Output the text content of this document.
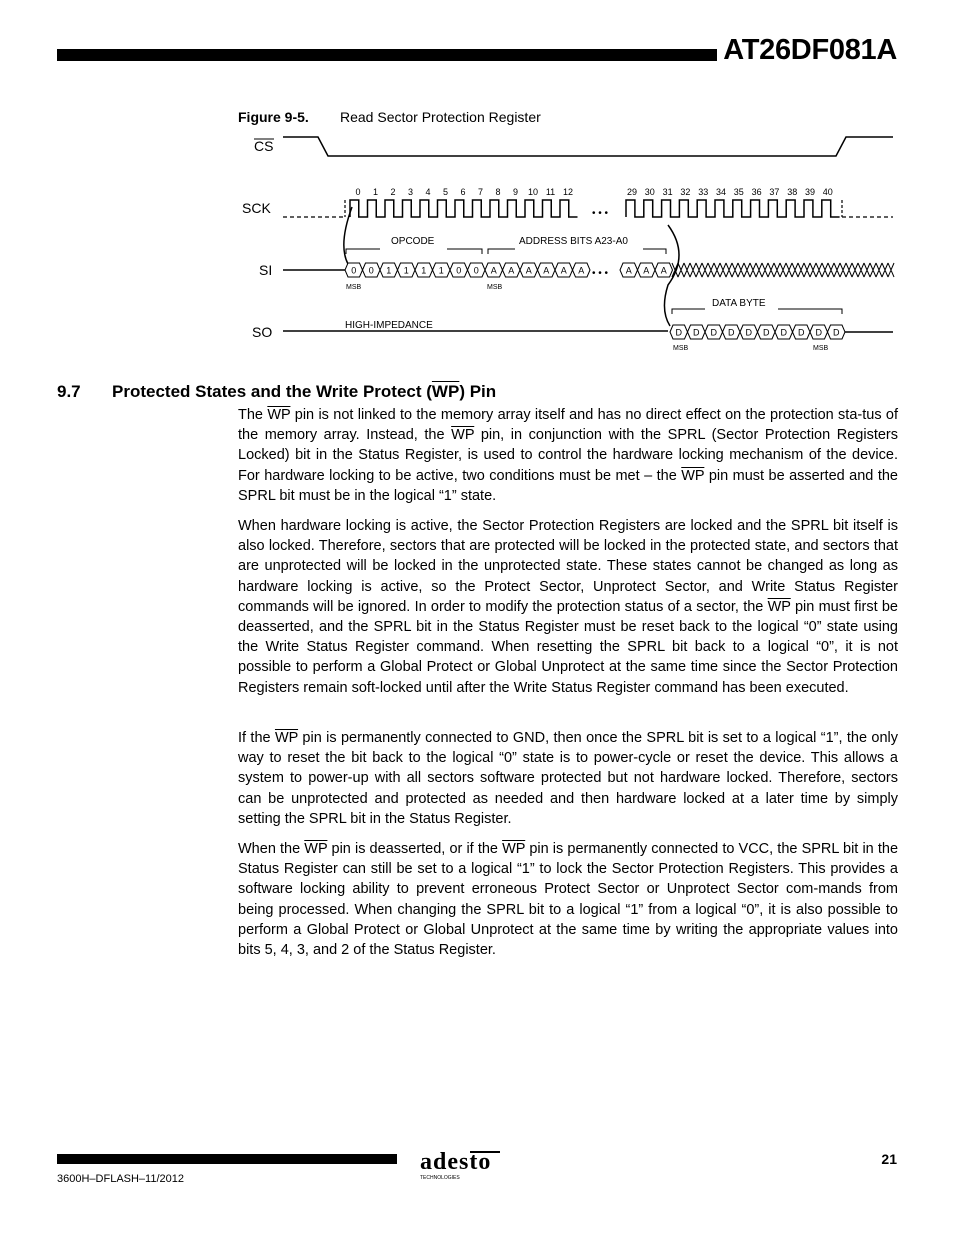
AT26DF081A
Figure 9-5. Read Sector Protection Register
CS
SCK
SI
SO
OPCODE	ADDRESS BITS A23-A0
DATA BYTE
HIGH-IMPEDANCE
• • •
• • •
0 1 2 3 4 5 6 7 8 9 10 11 12	29 30 31 32 33 34 35 36 37 38 39 40
0 0 1 1 1 1 0 0 A A A A A A	A A A
D D D D D D D D D D
MSB	MSB
MSB	MSB
9.7 Protected States and the Write Protect $(\overline{WP})$ Pin
The $\overline{WP}$ pin is not linked to the memory array itself and has no direct effect on the protection sta-tus of the memory array. Instead, the $\overline{WP}$ pin, in conjunction with the SPRL (Sector Protection Registers Locked) bit in the Status Register, is used to control the hardware locking mechanism of the device. For hardware locking to be active, two conditions must be met – the $\overline{WP}$ pin must be asserted and the SPRL bit must be in the logical “1” state.
When hardware locking is active, the Sector Protection Registers are locked and the SPRL bit itself is also locked. Therefore, sectors that are protected will be locked in the protected state, and sectors that are unprotected will be locked in the unprotected state. These states cannot be changed as long as hardware locking is active, so the Protect Sector, Unprotect Sector, and Write Status Register commands will be ignored. In order to modify the protection status of a sector, the $\overline{WP}$ pin must first be deasserted, and the SPRL bit in the Status Register must be reset back to the logical “0” state using the Write Status Register command. When resetting the SPRL bit back to a logical “0”, it is not possible to perform a Global Protect or Global Unprotect at the same time since the Sector Protection Registers remain soft-locked until after the Write Status Register command has been executed.
If the $\overline{WP}$ pin is permanently connected to GND, then once the SPRL bit is set to a logical “1”, the only way to reset the bit back to the logical “0” state is to power-cycle or reset the device. This allows a system to power-up with all sectors software protected but not hardware locked. Therefore, sectors can be unprotected and protected as needed and then hardware locked at a later time by simply setting the SPRL bit in the Status Register.
When the $\overline{WP}$ pin is deasserted, or if the $\overline{WP}$ pin is permanently connected to VCC, the SPRL bit in the Status Register can still be set to a logical “1” to lock the Sector Protection Registers. This provides a software locking ability to prevent erroneous Protect Sector or Unprotect Sector com-mands from being processed. When changing the SPRL bit to a logical “1” from a logical “0”, it is also possible to perform a Global Protect or Global Unprotect at the same time by writing the appropriate values into bits 5, 4, 3, and 2 of the Status Register.
3600H–DFLASH–11/2012
21
adesto
TECHNOLOGIES
